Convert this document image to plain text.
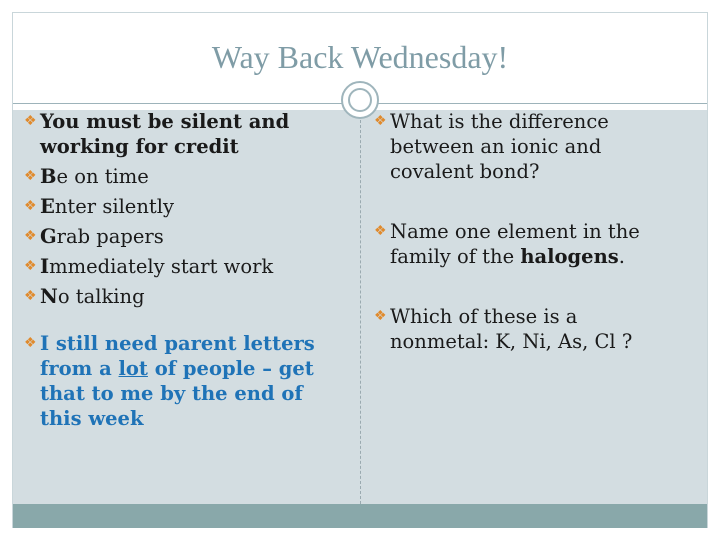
Way Back Wednesday!
❖ You must be silent and working for credit
❖ Be on time
❖ Enter silently
❖ Grab papers
❖ Immediately start work
❖ No talking
❖ I still need parent letters from a lot of people – get that to me by the end of this week
❖ What is the difference between an ionic and covalent bond?
❖ Name one element in the family of the halogens.
❖ Which of these is a nonmetal: K, Ni, As, Cl ?
